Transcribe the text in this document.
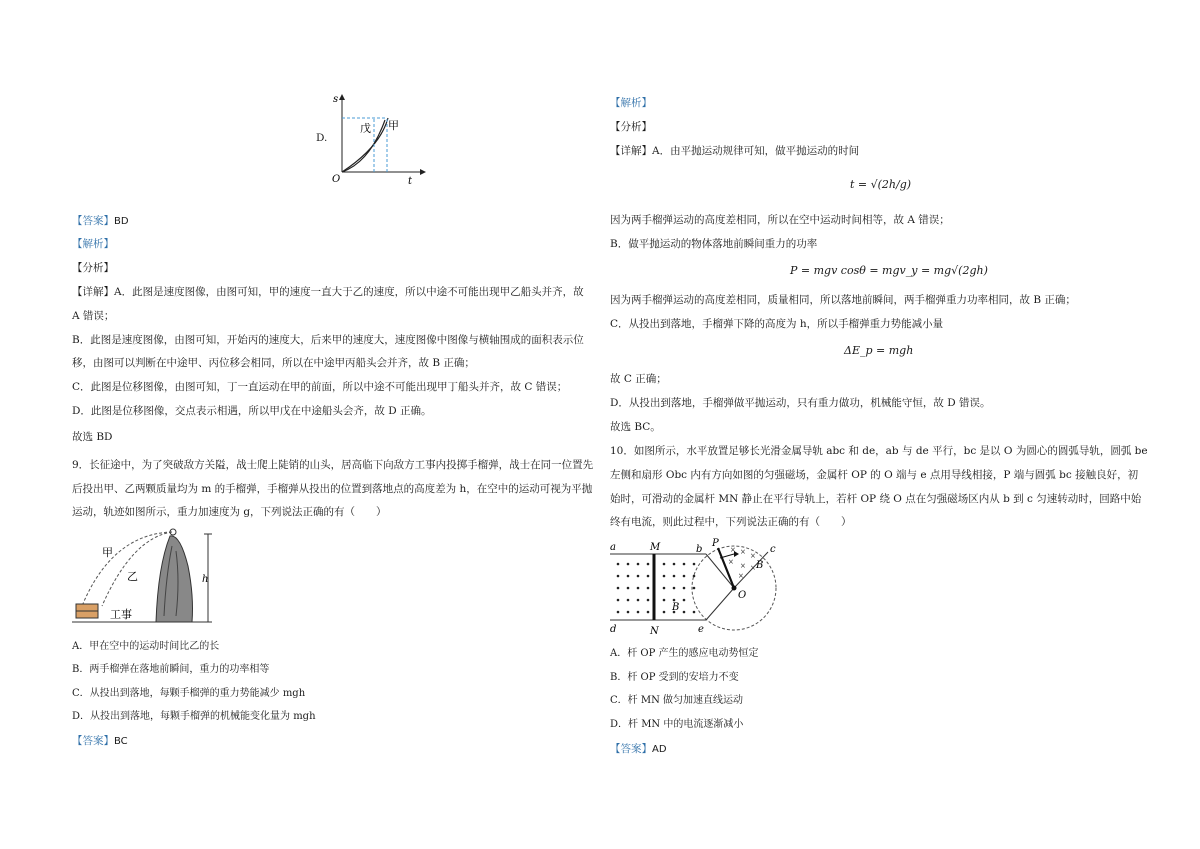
D.
s
t
O
戊 甲
【答案】BD
【解析】
【分析】
【详解】A．此图是速度图像，由图可知，甲的速度一直大于乙的速度，所以中途不可能出现甲乙船头并齐，故
A 错误；
B．此图是速度图像，由图可知，开始丙的速度大，后来甲的速度大，速度图像中图像与横轴围成的面积表示位
移，由图可以判断在中途甲、丙位移会相同，所以在中途甲丙船头会并齐，故 B 正确；
C．此图是位移图像，由图可知，丁一直运动在甲的前面，所以中途不可能出现甲丁船头并齐，故 C 错误；
D．此图是位移图像，交点表示相遇，所以甲戊在中途船头会齐，故 D 正确。
故选 BD
9．长征途中，为了突破敌方关隘，战士爬上陡销的山头，居高临下向敌方工事内投掷手榴弹，战士在同一位置先
后投出甲、乙两颗质量均为 m 的手榴弹，手榴弹从投出的位置到落地点的高度差为 h，在空中的运动可视为平抛
运动，轨迹如图所示，重力加速度为 g，下列说法正确的有（　　）
甲
乙
工事
h
A．甲在空中的运动时间比乙的长
B．两手榴弹在落地前瞬间，重力的功率相等
C．从投出到落地，每颗手榴弹的重力势能减少 mgh
D．从投出到落地，每颗手榴弹的机械能变化量为 mgh
【答案】BC
【解析】
【分析】
【详解】A．由平抛运动规律可知，做平抛运动的时间
t = √(2h/g)
因为两手榴弹运动的高度差相同，所以在空中运动时间相等，故 A 错误；
B．做平抛运动的物体落地前瞬间重力的功率
P = mgv cosθ = mgv_y = mg√(2gh)
因为两手榴弹运动的高度差相同，质量相同，所以落地前瞬间，两手榴弹重力功率相同，故 B 正确；
C．从投出到落地，手榴弹下降的高度为 h，所以手榴弹重力势能减小量
ΔE_p = mgh
故 C 正确；
D．从投出到落地，手榴弹做平抛运动，只有重力做功，机械能守恒，故 D 错误。
故选 BC。
10．如图所示，水平放置足够长光滑金属导轨 abc 和 de，ab 与 de 平行，bc 是以 O 为圆心的圆弧导轨，圆弧 be
左侧和扇形 Obc 内有方向如图的匀强磁场，金属杆 OP 的 O 端与 e 点用导线相接，P 端与圆弧 bc 接触良好，初
始时，可滑动的金属杆 MN 静止在平行导轨上，若杆 OP 绕 O 点在匀强磁场区内从 b 到 c 匀速转动时，回路中始
终有电流，则此过程中，下列说法正确的有（　　）
× × ×
× × ×
×
a	M	b
P
c
B
B
O
d	N	e
A．杆 OP 产生的感应电动势恒定
B．杆 OP 受到的安培力不变
C．杆 MN 做匀加速直线运动
D．杆 MN 中的电流逐渐减小
【答案】AD
